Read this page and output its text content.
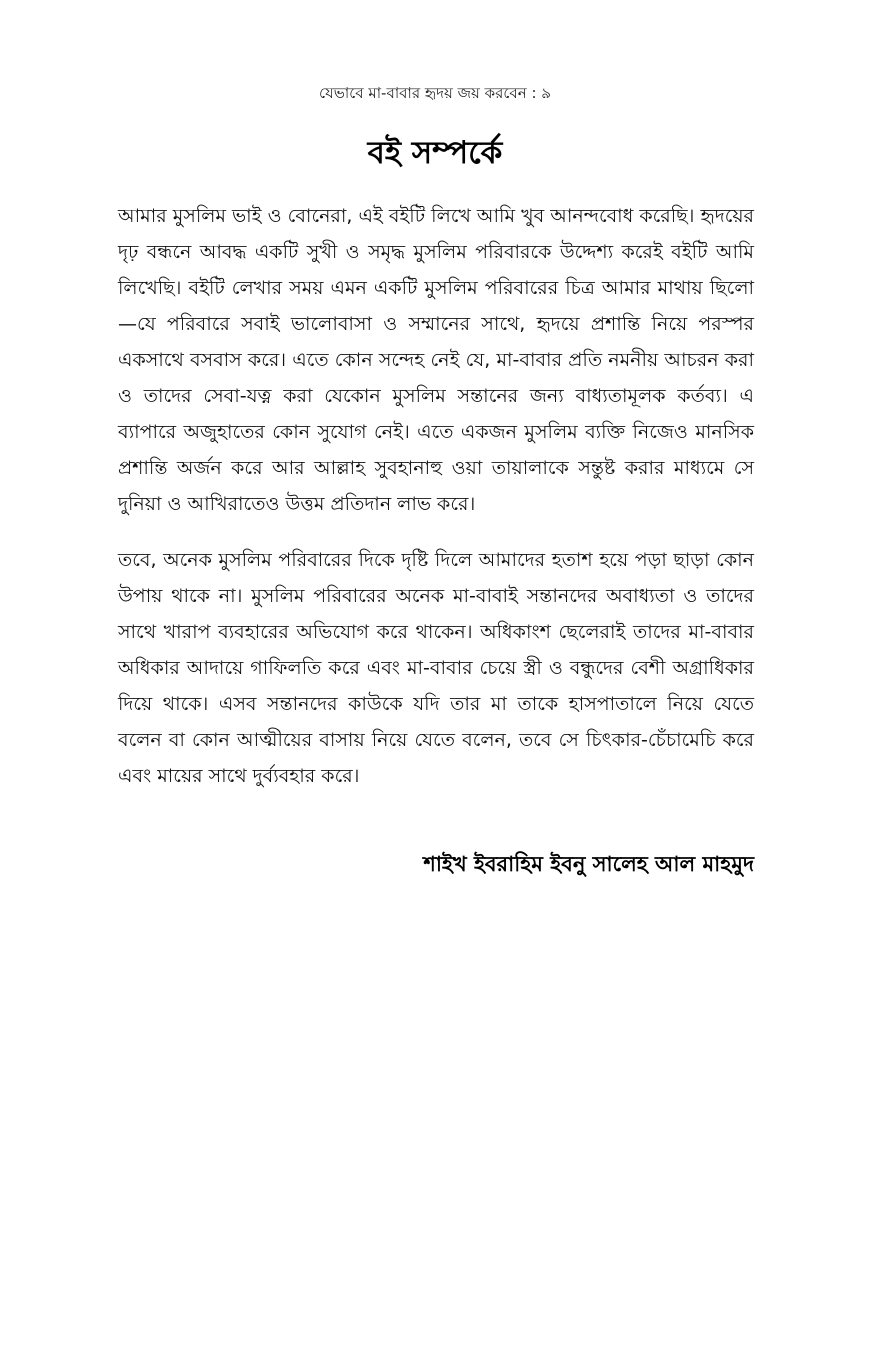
যেভাবে মা-বাবার হৃদয় জয় করবেন : ৯
বই সম্পর্কে

আমার মুসলিম ভাই ও বোনেরা, এই বইটি লিখে আমি খুব আনন্দবোধ করেছি। হৃদয়ের দৃঢ় বন্ধনে আবদ্ধ একটি সুখী ও সমৃদ্ধ মুসলিম পরিবারকে উদ্দেশ্য করেই বইটি আমি লিখেছি। বইটি লেখার সময় এমন একটি মুসলিম পরিবারের চিত্র আমার মাথায় ছিলো—যে পরিবারে সবাই ভালোবাসা ও সম্মানের সাথে, হৃদয়ে প্রশান্তি নিয়ে পরস্পর একসাথে বসবাস করে। এতে কোন সন্দেহ নেই যে, মা-বাবার প্রতি নমনীয় আচরন করা ও তাদের সেবা-যত্ন করা যেকোন মুসলিম সন্তানের জন্য বাধ্যতামূলক কর্তব্য। এ ব্যাপারে অজুহাতের কোন সুযোগ নেই। এতে একজন মুসলিম ব্যক্তি নিজেও মানসিক প্রশান্তি অর্জন করে আর আল্লাহ সুবহানাহু ওয়া তায়ালাকে সন্তুষ্ট করার মাধ্যমে সে দুনিয়া ও আখিরাতেও উত্তম প্রতিদান লাভ করে।

তবে, অনেক মুসলিম পরিবারের দিকে দৃষ্টি দিলে আমাদের হতাশ হয়ে পড়া ছাড়া কোন উপায় থাকে না। মুসলিম পরিবারের অনেক মা-বাবাই সন্তানদের অবাধ্যতা ও তাদের সাথে খারাপ ব্যবহারের অভিযোগ করে থাকেন। অধিকাংশ ছেলেরাই তাদের মা-বাবার অধিকার আদায়ে গাফিলতি করে এবং মা-বাবার চেয়ে স্ত্রী ও বন্ধুদের বেশী অগ্রাধিকার দিয়ে থাকে। এসব সন্তানদের কাউকে যদি তার মা তাকে হাসপাতালে নিয়ে যেতে বলেন বা কোন আত্মীয়ের বাসায় নিয়ে যেতে বলেন, তবে সে চিৎকার-চেঁচামেচি করে এবং মায়ের সাথে দুর্ব্যবহার করে।

শাইখ ইবরাহিম ইবনু সালেহ আল মাহমুদ
